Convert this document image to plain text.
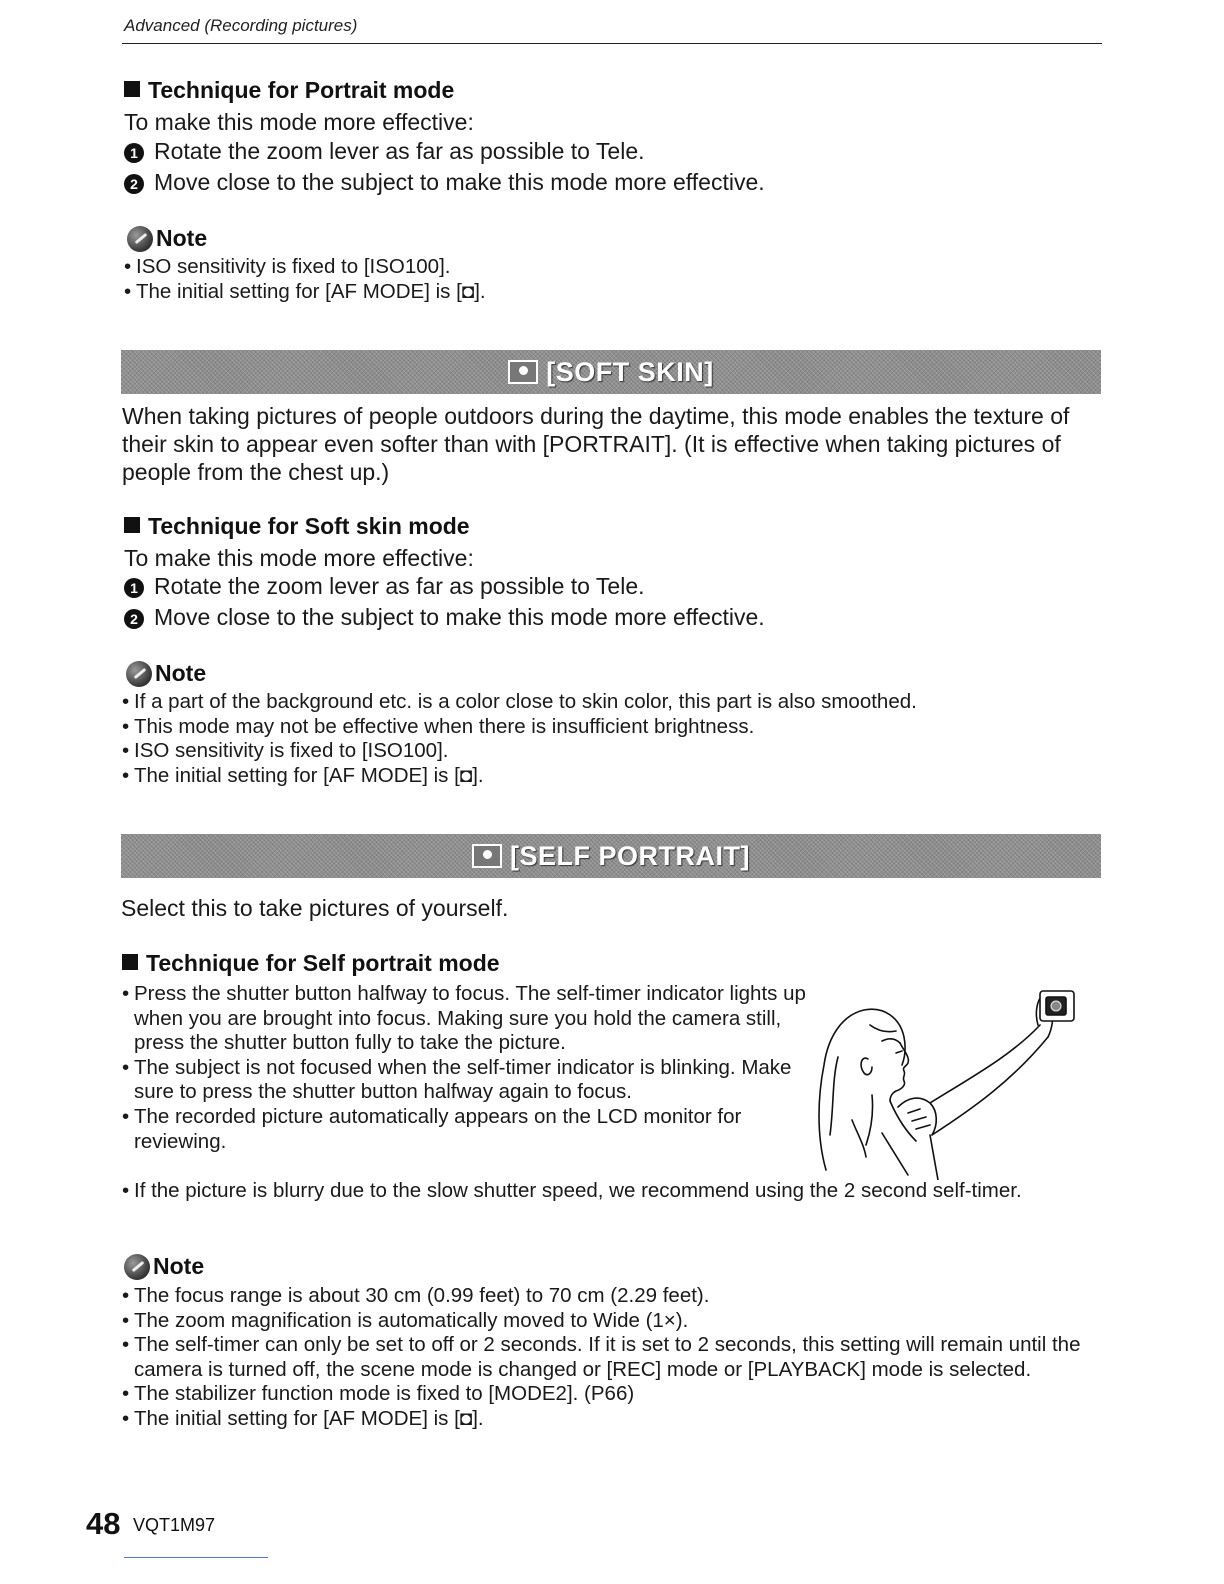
Advanced (Recording pictures)
Technique for Portrait mode
To make this mode more effective:
1 Rotate the zoom lever as far as possible to Tele.
2 Move close to the subject to make this mode more effective.
Note
• ISO sensitivity is fixed to [ISO100].
• The initial setting for [AF MODE] is [◘].
[SOFT SKIN]
When taking pictures of people outdoors during the daytime, this mode enables the texture of their skin to appear even softer than with [PORTRAIT]. (It is effective when taking pictures of people from the chest up.)
Technique for Soft skin mode
To make this mode more effective:
1 Rotate the zoom lever as far as possible to Tele.
2 Move close to the subject to make this mode more effective.
Note
• If a part of the background etc. is a color close to skin color, this part is also smoothed.
• This mode may not be effective when there is insufficient brightness.
• ISO sensitivity is fixed to [ISO100].
• The initial setting for [AF MODE] is [◘].
[SELF PORTRAIT]
Select this to take pictures of yourself.
Technique for Self portrait mode
• Press the shutter button halfway to focus. The self-timer indicator lights up when you are brought into focus. Making sure you hold the camera still, press the shutter button fully to take the picture.
• The subject is not focused when the self-timer indicator is blinking. Make sure to press the shutter button halfway again to focus.
• The recorded picture automatically appears on the LCD monitor for reviewing.
• If the picture is blurry due to the slow shutter speed, we recommend using the 2 second self-timer.
Note
• The focus range is about 30 cm (0.99 feet) to 70 cm (2.29 feet).
• The zoom magnification is automatically moved to Wide (1×).
• The self-timer can only be set to off or 2 seconds. If it is set to 2 seconds, this setting will remain until the camera is turned off, the scene mode is changed or [REC] mode or [PLAYBACK] mode is selected.
• The stabilizer function mode is fixed to [MODE2]. (P66)
• The initial setting for [AF MODE] is [◘].
48 VQT1M97
